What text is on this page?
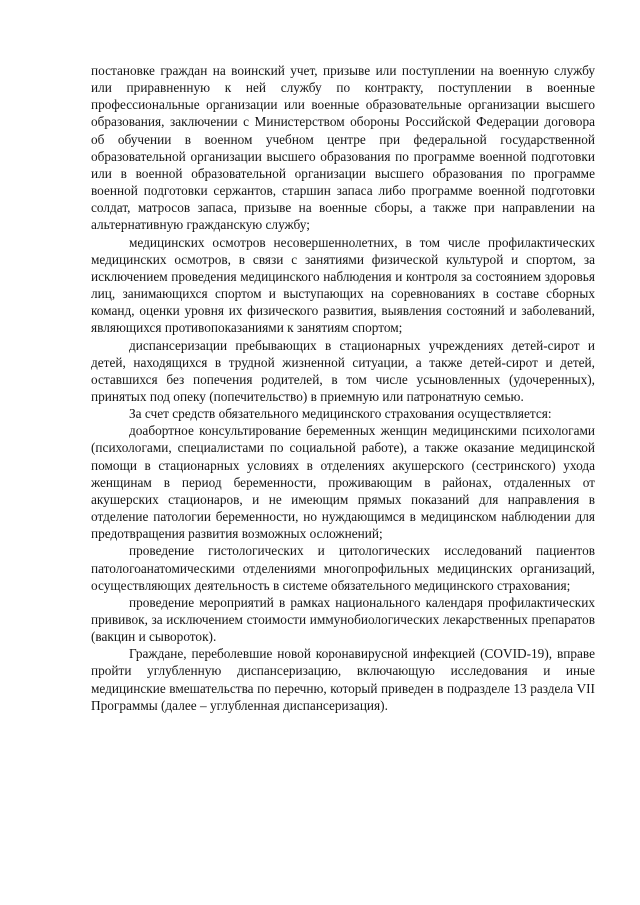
постановке граждан на воинский учет, призыве или поступлении на военную службу или приравненную к ней службу по контракту, поступлении в военные профессиональные организации или военные образовательные организации высшего образования, заключении с Министерством обороны Российской Федерации договора об обучении в военном учебном центре при федеральной государственной образовательной организации высшего образования по программе военной подготовки или в военной образовательной организации высшего образования по программе военной подготовки сержантов, старшин запаса либо программе военной подготовки солдат, матросов запаса, призыве на военные сборы, а также при направлении на альтернативную гражданскую службу;

медицинских осмотров несовершеннолетних, в том числе профилактических медицинских осмотров, в связи с занятиями физической культурой и спортом, за исключением проведения медицинского наблюдения и контроля за состоянием здоровья лиц, занимающихся спортом и выступающих на соревнованиях в составе сборных команд, оценки уровня их физического развития, выявления состояний и заболеваний, являющихся противопоказаниями к занятиям спортом;

диспансеризации пребывающих в стационарных учреждениях детей-сирот и детей, находящихся в трудной жизненной ситуации, а также детей-сирот и детей, оставшихся без попечения родителей, в том числе усыновленных (удочеренных), принятых под опеку (попечительство) в приемную или патронатную семью.

За счет средств обязательного медицинского страхования осуществляется:

доабортное консультирование беременных женщин медицинскими психологами (психологами, специалистами по социальной работе), а также оказание медицинской помощи в стационарных условиях в отделениях акушерского (сестринского) ухода женщинам в период беременности, проживающим в районах, отдаленных от акушерских стационаров, и не имеющим прямых показаний для направления в отделение патологии беременности, но нуждающимся в медицинском наблюдении для предотвращения развития возможных осложнений;

проведение гистологических и цитологических исследований пациентов патологоанатомическими отделениями многопрофильных медицинских организаций, осуществляющих деятельность в системе обязательного медицинского страхования;

проведение мероприятий в рамках национального календаря профилактических прививок, за исключением стоимости иммунобиологических лекарственных препаратов (вакцин и сывороток).

Граждане, переболевшие новой коронавирусной инфекцией (COVID-19), вправе пройти углубленную диспансеризацию, включающую исследования и иные медицинские вмешательства по перечню, который приведен в подразделе 13 раздела VII Программы (далее – углубленная диспансеризация).
